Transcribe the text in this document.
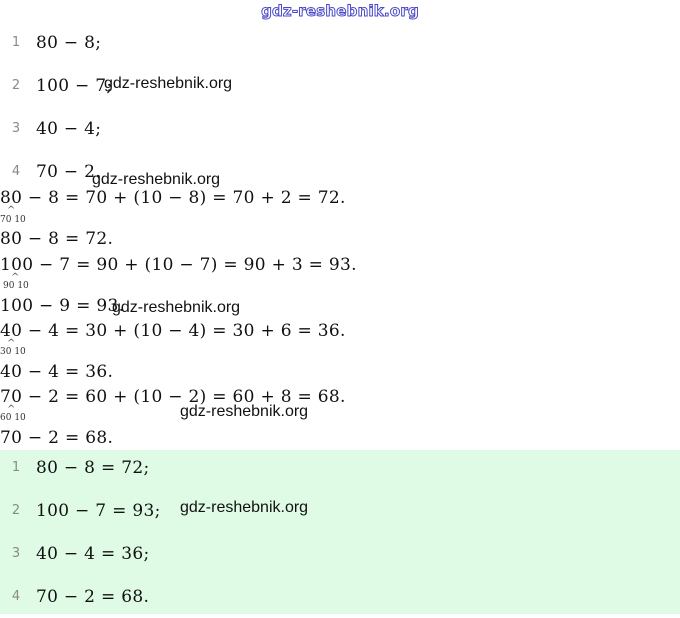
gdz-reshebnik.org
1 80 − 8;
2 100 − 7;
3 40 − 4;
4 70 − 2.
80 − 8 = 70 + (10 − 8) = 70 + 2 = 72.
^
70 10
80 − 8 = 72.
100 − 7 = 90 + (10 − 7) = 90 + 3 = 93.
^
90 10
100 − 9 = 93.
40 − 4 = 30 + (10 − 4) = 30 + 6 = 36.
^
30 10
40 − 4 = 36.
70 − 2 = 60 + (10 − 2) = 60 + 8 = 68.
^
60 10
70 − 2 = 68.
1 80 − 8 = 72;
2 100 − 7 = 93;
3 40 − 4 = 36;
4 70 − 2 = 68.
gdz-reshebnik.org
gdz-reshebnik.org
gdz-reshebnik.org
gdz-reshebnik.org
gdz-reshebnik.org
